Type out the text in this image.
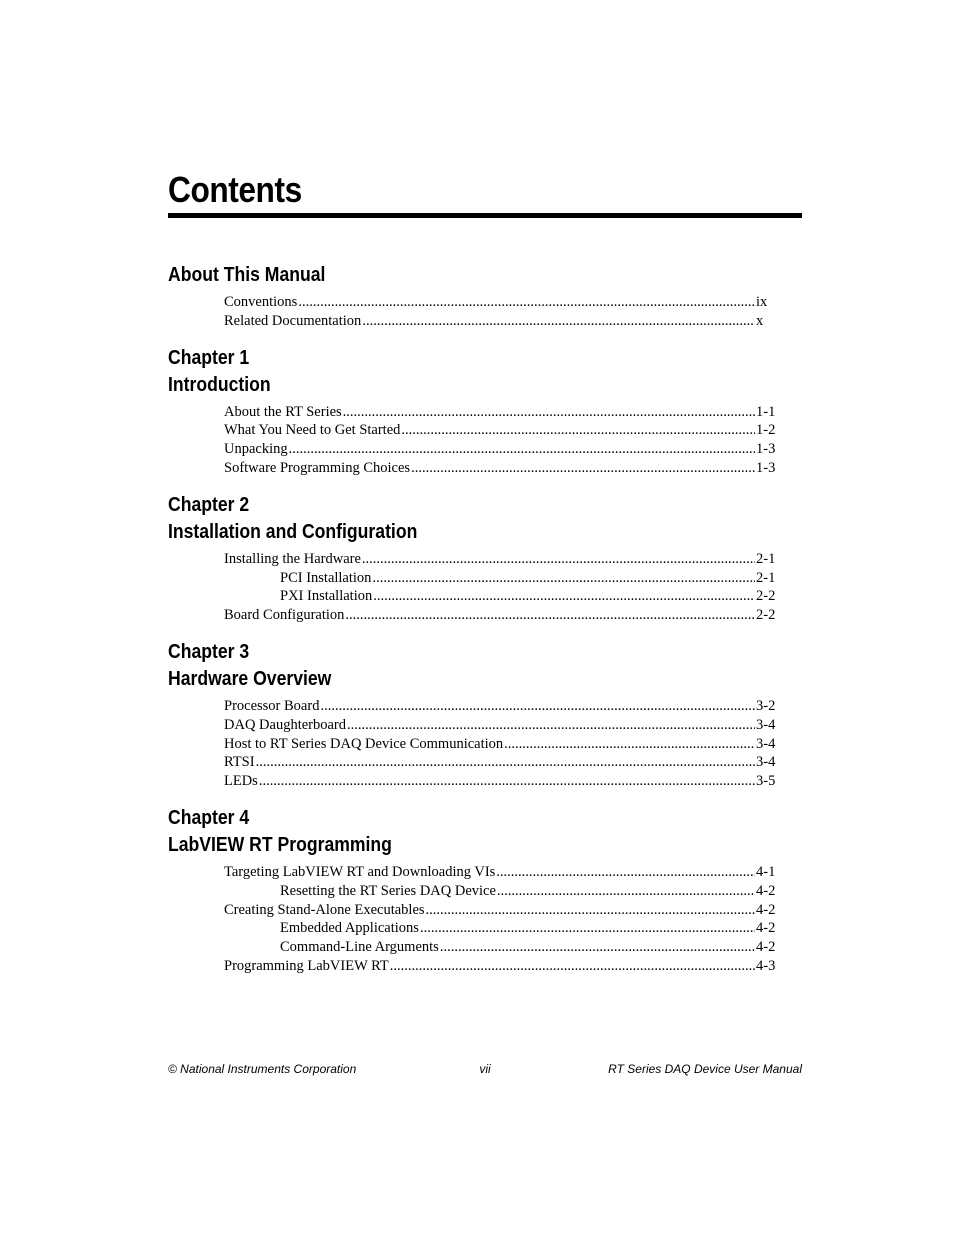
Contents
About This Manual
Conventions .....	ix
Related Documentation .....	x
Chapter 1
Introduction
About the RT Series .....	1-1
What You Need to Get Started .....	1-2
Unpacking .....	1-3
Software Programming Choices .....	1-3
Chapter 2
Installation and Configuration
Installing the Hardware .....	2-1
PCI Installation .....	2-1
PXI Installation .....	2-2
Board Configuration .....	2-2
Chapter 3
Hardware Overview
Processor Board .....	3-2
DAQ Daughterboard .....	3-4
Host to RT Series DAQ Device Communication .....	3-4
RTSI .....	3-4
LEDs .....	3-5
Chapter 4
LabVIEW RT Programming
Targeting LabVIEW RT and Downloading VIs .....	4-1
Resetting the RT Series DAQ Device .....	4-2
Creating Stand-Alone Executables .....	4-2
Embedded Applications .....	4-2
Command-Line Arguments .....	4-2
Programming LabVIEW RT .....	4-3
© National Instruments Corporation	vii	RT Series DAQ Device User Manual
